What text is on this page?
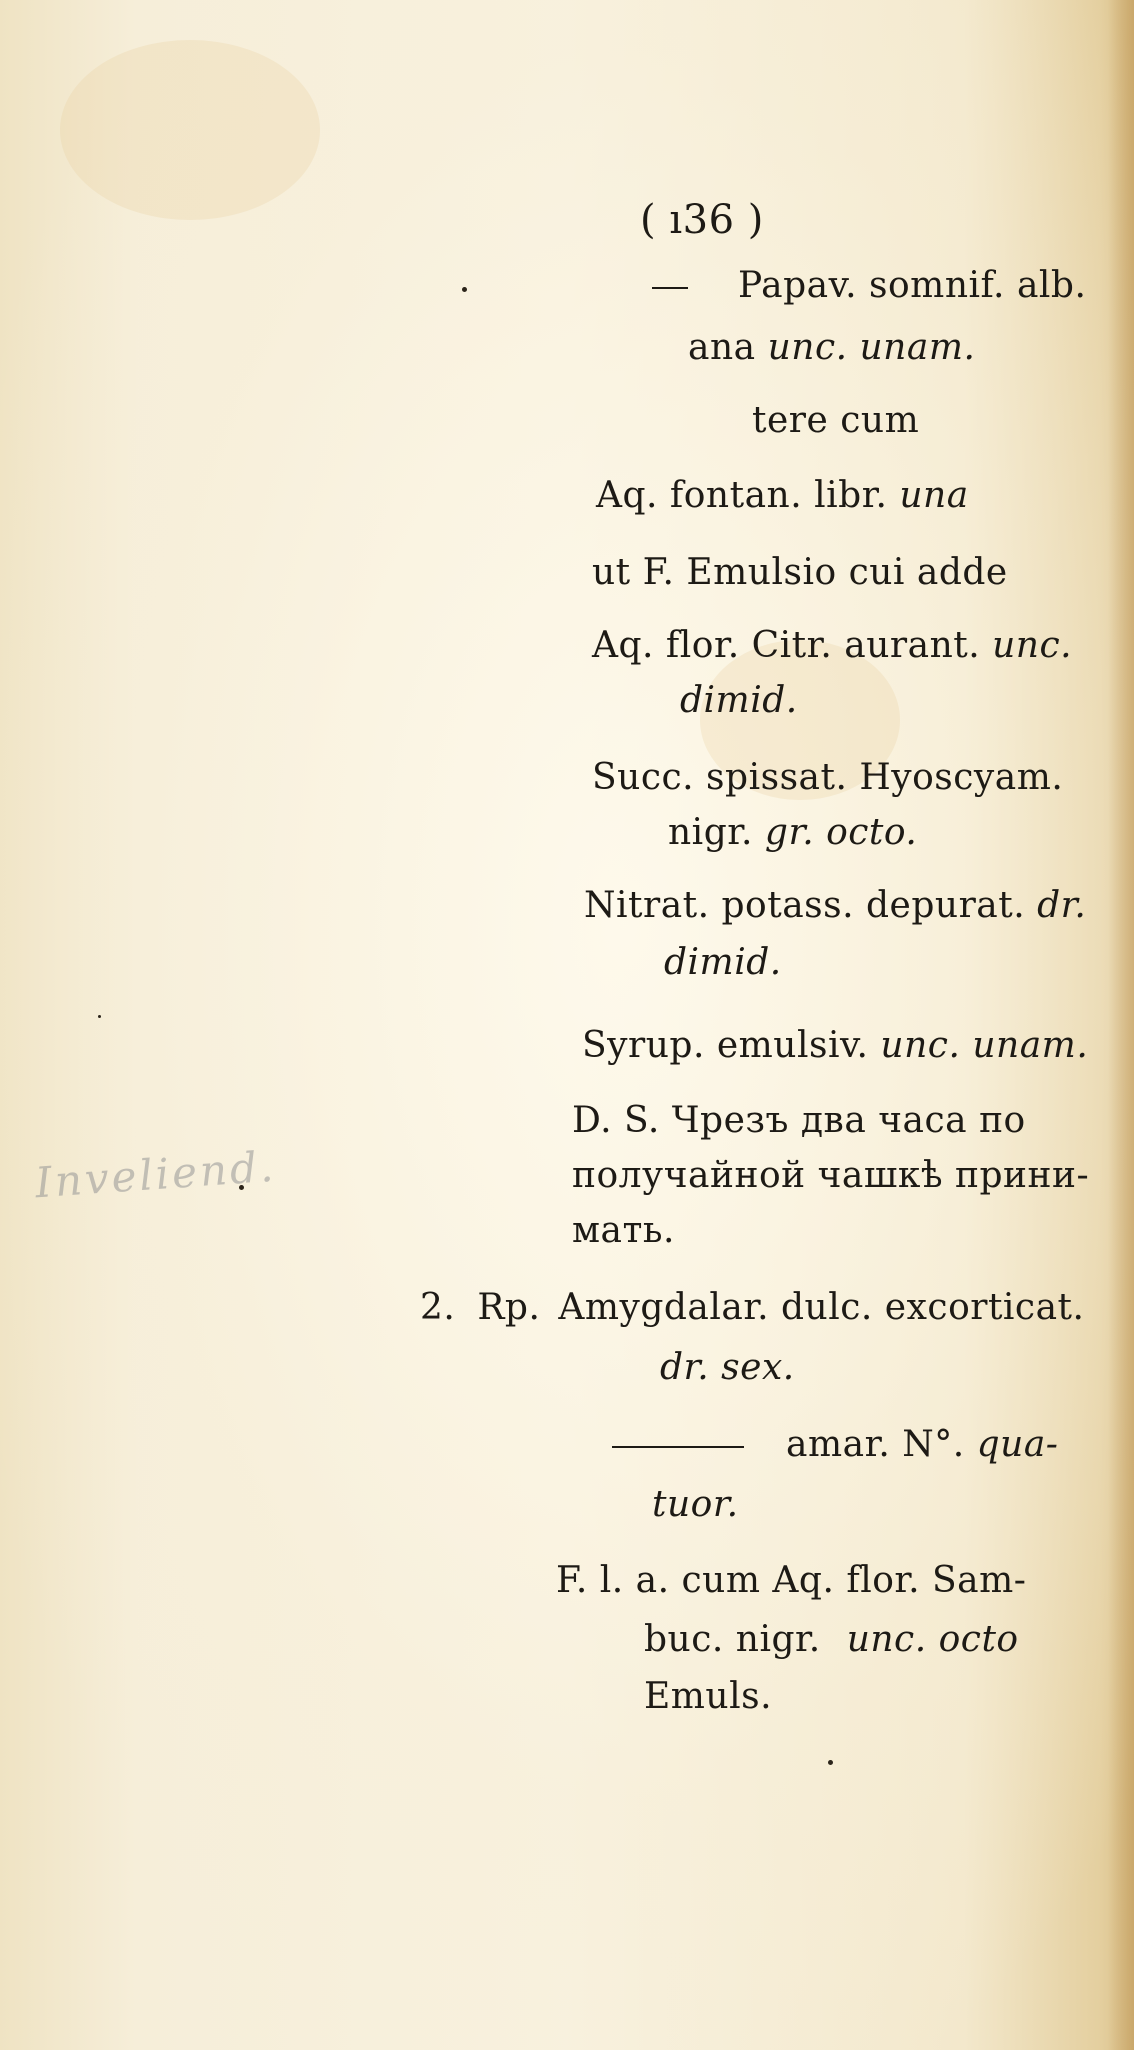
Inveliend.
( ı36 )
Papav. somnif. alb.
ana unc. unam.
tere cum
Aq. fontan. libr. una
ut F. Emulsio cui adde
Aq. flor. Citr. aurant. unc.
dimid.
Succ. spissat. Hyoscyam.
nigr. gr. octo.
Nitrat. potass. depurat. dr.
dimid.
Syrup. emulsiv. unc. unam.
D. S. Чрезъ два часа по
получайной чашкѣ прини-
мать.
2. Rp. Amygdalar. dulc. excorticat.
dr. sex.
amar. N°. qua-
tuor.
F. l. a. cum Aq. flor. Sam-
buc. nigr. unc. octo
Emuls.
